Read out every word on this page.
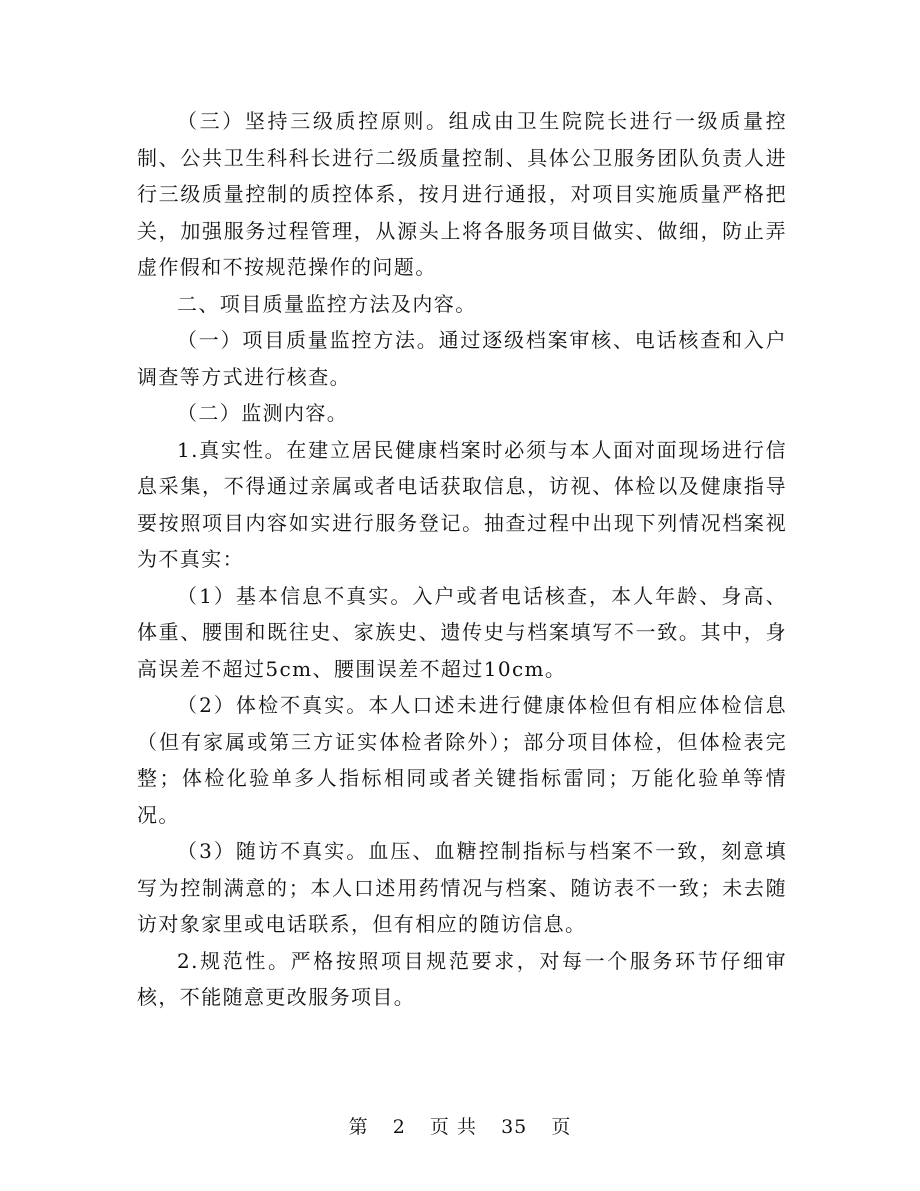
（三）坚持三级质控原则。组成由卫生院院长进行一级质量控制、公共卫生科科长进行二级质量控制、具体公卫服务团队负责人进行三级质量控制的质控体系，按月进行通报，对项目实施质量严格把关，加强服务过程管理，从源头上将各服务项目做实、做细，防止弄虚作假和不按规范操作的问题。

二、项目质量监控方法及内容。

（一）项目质量监控方法。通过逐级档案审核、电话核查和入户调查等方式进行核查。

（二）监测内容。

1.真实性。在建立居民健康档案时必须与本人面对面现场进行信息采集，不得通过亲属或者电话获取信息，访视、体检以及健康指导要按照项目内容如实进行服务登记。抽查过程中出现下列情况档案视为不真实：

（1）基本信息不真实。入户或者电话核查，本人年龄、身高、体重、腰围和既往史、家族史、遗传史与档案填写不一致。其中，身高误差不超过5cm、腰围误差不超过10cm。

（2）体检不真实。本人口述未进行健康体检但有相应体检信息（但有家属或第三方证实体检者除外）；部分项目体检，但体检表完整；体检化验单多人指标相同或者关键指标雷同；万能化验单等情况。

（3）随访不真实。血压、血糖控制指标与档案不一致，刻意填写为控制满意的；本人口述用药情况与档案、随访表不一致；未去随访对象家里或电话联系，但有相应的随访信息。

2.规范性。严格按照项目规范要求，对每一个服务环节仔细审核，不能随意更改服务项目。

第 2 页 共 35 页
